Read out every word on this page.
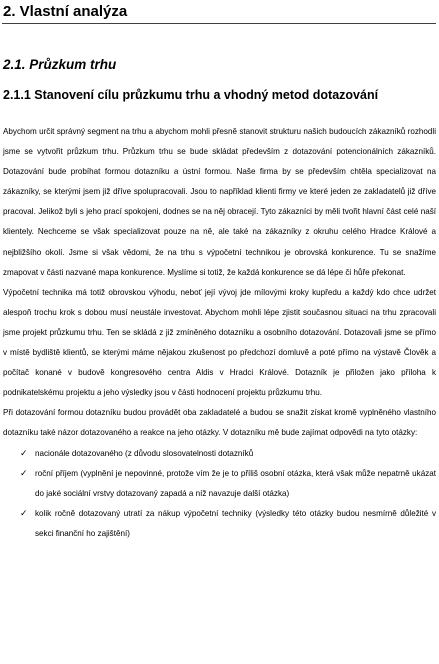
2. Vlastní analýza
2.1. Průzkum trhu
2.1.1 Stanovení cílu průzkumu trhu a vhodný metod dotazování

Abychom určit správný segment na trhu a abychom mohli přesně stanovit strukturu našich budoucích zákazníků rozhodli jsme se vytvořit průzkum trhu. Průzkum trhu se bude skládat především z dotazování potencionálních zákazníků. Dotazování bude probíhat formou dotazníku a ústní formou. Naše firma by se především chtěla specializovat na zákazníky, se kterými jsem již dříve spolupracovali. Jsou to například klienti firmy ve které jeden ze zakladatelů již dříve pracoval. Jelikož byli s jeho prací spokojeni, dodnes se na něj obracejí. Tyto zákazníci by měli tvořit hlavní část celé naší klientely. Nechceme se však specializovat pouze na ně, ale také na zákazníky z okruhu celého Hradce Králové a nejbližšího okolí. Jsme si však vědomi, že na trhu s výpočetní technikou je obrovská konkurence. Tu se snažíme zmapovat v části nazvané mapa konkurence. Myslíme si totiž, že každá konkurence se dá lépe či hůře překonat.

Výpočetní technika má totiž obrovskou výhodu, neboť její vývoj jde mílovými kroky kupředu a každý kdo chce udržet alespoň trochu krok s dobou musí neustále investovat. Abychom mohli lépe zjistit současnou situaci na trhu zpracovali jsme projekt průzkumu trhu. Ten se skládá z již zmíněného dotazníku a osobního dotazování. Dotazovali jsme se přímo v místě bydliště klientů, se kterými máme nějakou zkušenost po předchozí domluvě a poté přímo na výstavě Člověk a počítač konané v budově kongresového centra Aldis v Hradci Králové. Dotazník je přiložen jako příloha k podnikatelskému projektu a jeho výsledky jsou v části hodnocení projektu průzkumu trhu.

Při dotazování formou dotazníku budou provádět oba zakladatelé a budou se snažit získat kromě vyplněného vlastního dotazníku také názor dotazovaného a reakce na jeho otázky. V dotazníku mě bude zajímat odpovědi na tyto otázky:

✓ nacionále dotazovaného (z důvodu slosovatelnosti dotazníků
✓ roční příjem (vyplnění je nepovinné, protože vím že je to příliš osobní otázka, která však může nepatrně ukázat do jaké sociální vrstvy dotazovaný zapadá a níž navazuje další otázka)
✓ kolik ročně dotazovaný utratí za nákup výpočetní techniky (výsledky této otázky budou nesmírně důležité v sekci finanční ho zajištění)
